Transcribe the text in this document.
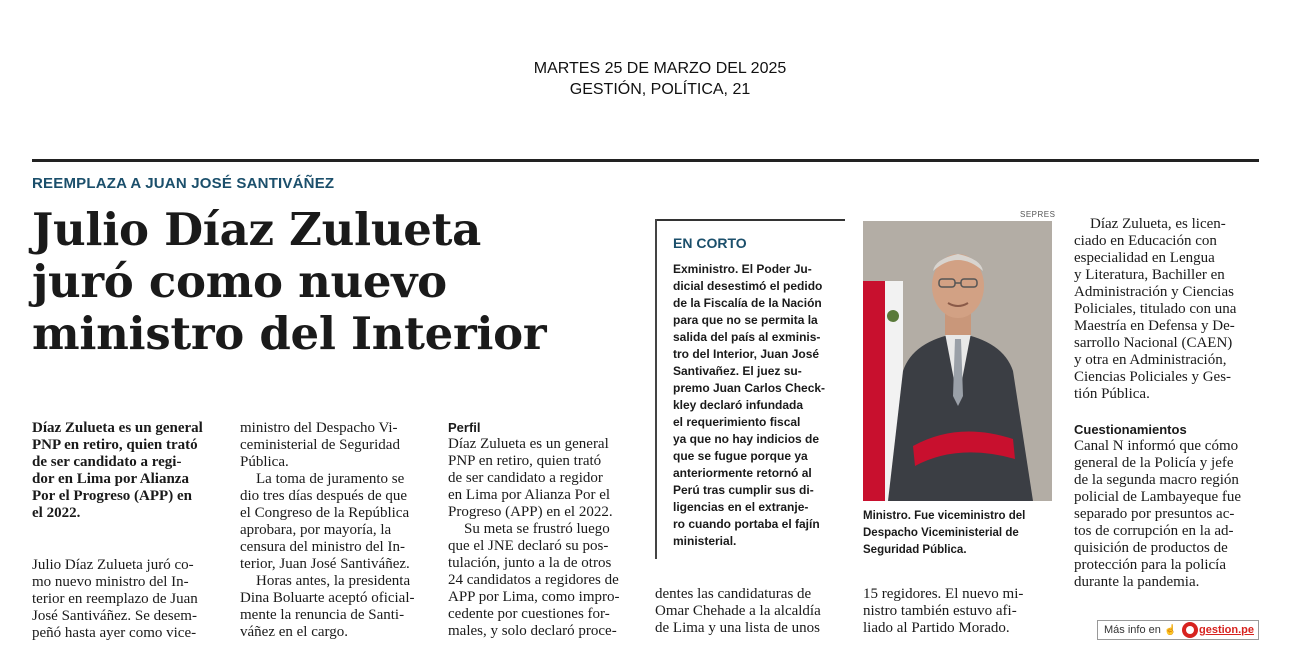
MARTES 25 DE MARZO DEL 2025
GESTIÓN, POLÍTICA, 21
REEMPLAZA A JUAN JOSÉ SANTIVÁÑEZ
Julio Díaz Zulueta
juró como nuevo
ministro del Interior
Díaz Zulueta es un general
PNP en retiro, quien trató
de ser candidato a regi-
dor en Lima por Alianza
Por el Progreso (APP) en
el 2022.
Julio Díaz Zulueta juró co-
mo nuevo ministro del In-
terior en reemplazo de Juan
José Santiváñez. Se desem-
peñó hasta ayer como vice-
ministro del Despacho Vi-
ceministerial de Seguridad
Pública.
La toma de juramento se
dio tres días después de que
el Congreso de la República
aprobara, por mayoría, la
censura del ministro del In-
terior, Juan José Santiváñez.
Horas antes, la presidenta
Dina Boluarte aceptó oficial-
mente la renuncia de Santi-
váñez en el cargo.
Perfil
Díaz Zulueta es un general
PNP en retiro, quien trató
de ser candidato a regidor
en Lima por Alianza Por el
Progreso (APP) en el 2022.
Su meta se frustró luego
que el JNE declaró su pos-
tulación, junto a la de otros
24 candidatos a regidores de
APP por Lima, como impro-
cedente por cuestiones for-
males, y solo declaró proce-
EN CORTO
Exministro. El Poder Ju-
dicial desestimó el pedido
de la Fiscalía de la Nación
para que no se permita la
salida del país al exminis-
tro del Interior, Juan José
Santivañez. El juez su-
premo Juan Carlos Check-
kley declaró infundada
el requerimiento fiscal
ya que no hay indicios de
que se fugue porque ya
anteriormente retornó al
Perú tras cumplir sus di-
ligencias en el extranje-
ro cuando portaba el fajín
ministerial.
dentes las candidaturas de
Omar Chehade a la alcaldía
de Lima y una lista de unos
SEPRES
Ministro. Fue viceministro del
Despacho Viceministerial de
Seguridad Pública.
15 regidores. El nuevo mi-
nistro también estuvo afi-
liado al Partido Morado.
Díaz Zulueta, es licen-
ciado en Educación con
especialidad en Lengua
y Literatura, Bachiller en
Administración y Ciencias
Policiales, titulado con una
Maestría en Defensa y De-
sarrollo Nacional (CAEN)
y otra en Administración,
Ciencias Policiales y Ges-
tión Pública.
Cuestionamientos
Canal N informó que cómo
general de la Policía y jefe
de la segunda macro región
policial de Lambayeque fue
separado por presuntos ac-
tos de corrupción en la ad-
quisición de productos de
protección para la policía
durante la pandemia.
Más info en ☝ gestion.pe
